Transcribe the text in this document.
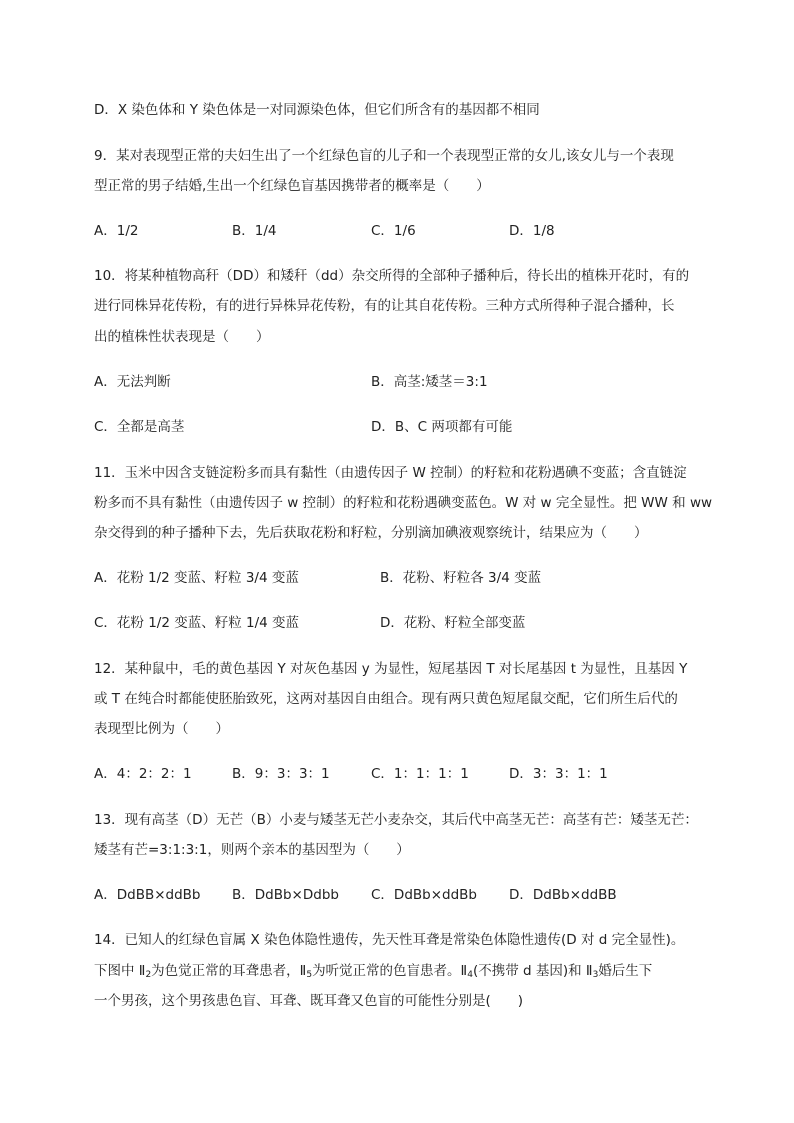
D．X 染色体和 Y 染色体是一对同源染色体，但它们所含有的基因都不相同

9．某对表现型正常的夫妇生出了一个红绿色盲的儿子和一个表现型正常的女儿,该女儿与一个表现

型正常的男子结婚,生出一个红绿色盲基因携带者的概率是（　　）

A．1/2	B．1/4	C．1/6	D．1/8

10．将某种植物高秆（DD）和矮秆（dd）杂交所得的全部种子播种后，待长出的植株开花时，有的

进行同株异花传粉，有的进行异株异花传粉，有的让其自花传粉。三种方式所得种子混合播种，长

出的植株性状表现是（　　）

A．无法判断	B．高茎:矮茎＝3:1

C．全都是高茎	D．B、C 两项都有可能

11．玉米中因含支链淀粉多而具有黏性（由遗传因子 W 控制）的籽粒和花粉遇碘不变蓝；含直链淀

粉多而不具有黏性（由遗传因子 w 控制）的籽粒和花粉遇碘变蓝色。W 对 w 完全显性。把 WW 和 ww

杂交得到的种子播种下去，先后获取花粉和籽粒，分别滴加碘液观察统计，结果应为（　　）

A．花粉 1/2 变蓝、籽粒 3/4 变蓝	B．花粉、籽粒各 3/4 变蓝

C．花粉 1/2 变蓝、籽粒 1/4 变蓝	D．花粉、籽粒全部变蓝

12．某种鼠中，毛的黄色基因 Y 对灰色基因 y 为显性，短尾基因 T 对长尾基因 t 为显性，且基因 Y

或 T 在纯合时都能使胚胎致死，这两对基因自由组合。现有两只黄色短尾鼠交配，它们所生后代的

表现型比例为（　　）

A．4：2：2：1	B．9：3：3：1	C．1：1：1：1	D．3：3：1：1

13．现有高茎（D）无芒（B）小麦与矮茎无芒小麦杂交，其后代中高茎无芒：高茎有芒：矮茎无芒：

矮茎有芒=3:1:3:1，则两个亲本的基因型为（　　）

A．DdBB×ddBb B．DdBb×Ddbb C．DdBb×ddBb D．DdBb×ddBB

14．已知人的红绿色盲属 X 染色体隐性遗传，先天性耳聋是常染色体隐性遗传(D 对 d 完全显性)。

下图中 $Ⅱ_2$为色觉正常的耳聋患者，$Ⅱ_5$为听觉正常的色盲患者。$Ⅱ_4$(不携带 d 基因)和 $Ⅱ_3$婚后生下

一个男孩，这个男孩患色盲、耳聋、既耳聋又色盲的可能性分别是(　　)
